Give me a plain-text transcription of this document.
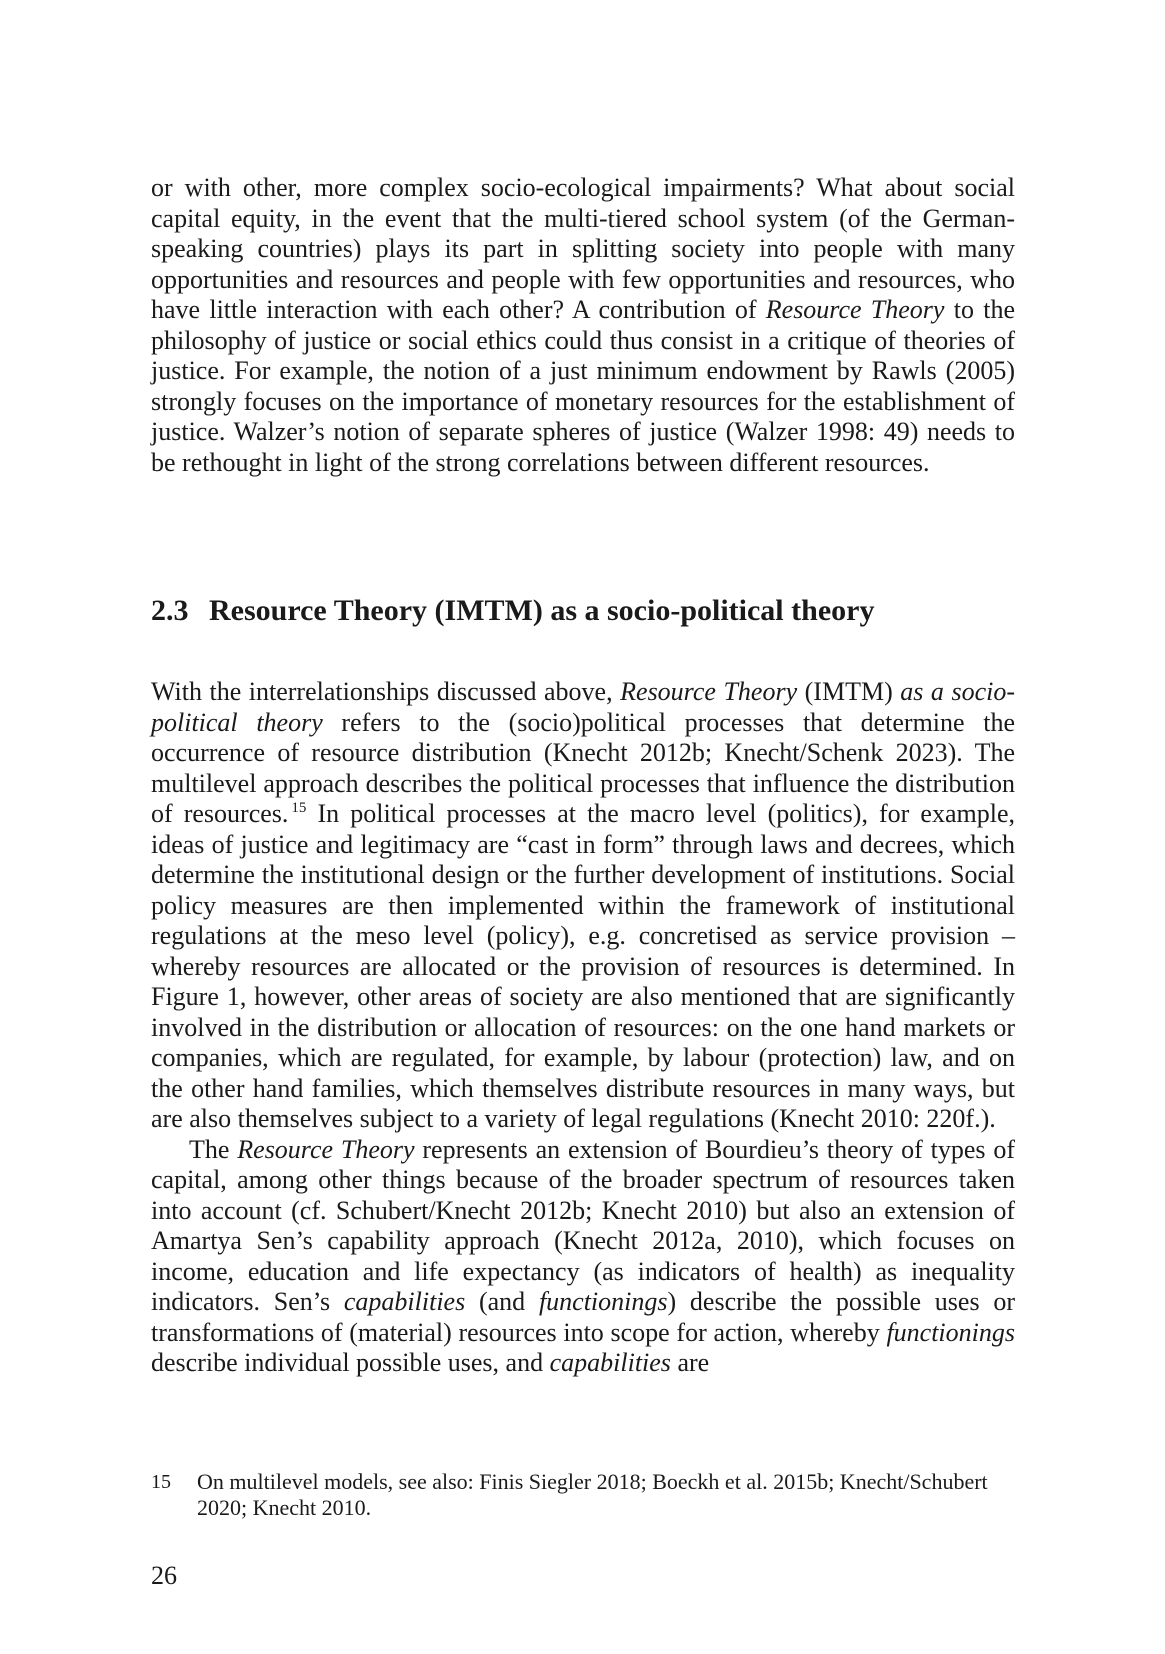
or with other, more complex socio-ecological impairments? What about social capital equity, in the event that the multi-tiered school system (of the German-speaking countries) plays its part in splitting society into people with many opportunities and resources and people with few opportunities and resources, who have little interaction with each other? A contribution of Resource Theory to the philosophy of justice or social ethics could thus consist in a critique of theories of justice. For example, the notion of a just minimum endowment by Rawls (2005) strongly focuses on the importance of monetary resources for the establishment of justice. Walzer’s notion of separate spheres of justice (Walzer 1998: 49) needs to be rethought in light of the strong correlations between different resources.

2.3 Resource Theory (IMTM) as a socio-political theory

With the interrelationships discussed above, Resource Theory (IMTM) as a socio-political theory refers to the (socio)political processes that determine the occurrence of resource distribution (Knecht 2012b; Knecht/Schenk 2023). The multilevel approach describes the political processes that influence the distribution of resources. $^{15}$ In political processes at the macro level (politics), for example, ideas of justice and legitimacy are “cast in form” through laws and decrees, which determine the institutional design or the further development of institutions. Social policy measures are then implemented within the framework of institutional regulations at the meso level (policy), e.g. concretised as service provision – whereby resources are allocated or the provision of resources is determined. In Figure 1, however, other areas of society are also mentioned that are significantly involved in the distribution or allocation of resources: on the one hand markets or companies, which are regulated, for example, by labour (protection) law, and on the other hand families, which themselves distribute resources in many ways, but are also themselves subject to a variety of legal regulations (Knecht 2010: 220f.).

The Resource Theory represents an extension of Bourdieu’s theory of types of capital, among other things because of the broader spectrum of resources taken into account (cf. Schubert/Knecht 2012b; Knecht 2010) but also an extension of Amartya Sen’s capability approach (Knecht 2012a, 2010), which focuses on income, education and life expectancy (as indicators of health) as inequality indicators. Sen’s capabilities (and functionings) describe the possible uses or transformations of (material) resources into scope for action, whereby functionings describe individual possible uses, and capabilities are

15	On multilevel models, see also: Finis Siegler 2018; Boeckh et al. 2015b; Knecht/​Schubert 2020; Knecht 2010.
26
